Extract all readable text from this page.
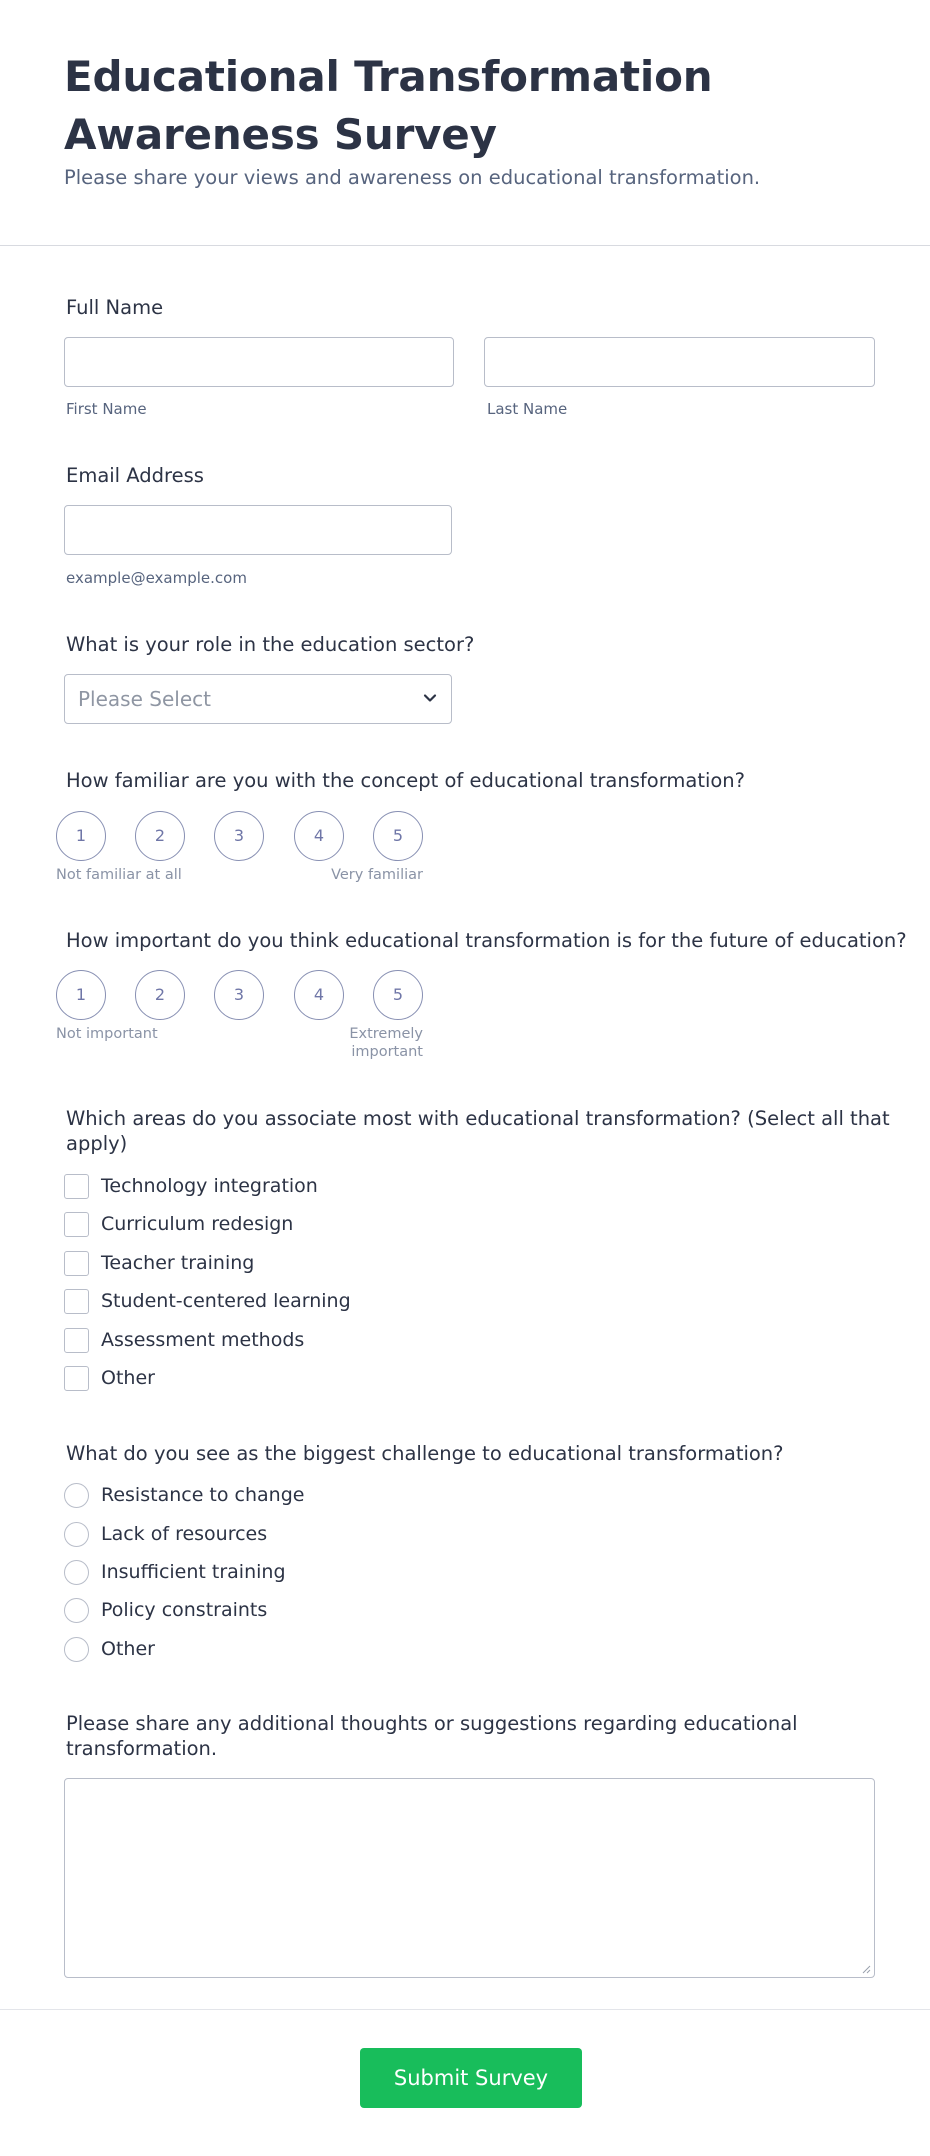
Educational Transformation Awareness Survey
Please share your views and awareness on educational transformation.
Full Name
First Name	Last Name
Email Address
example@example.com
What is your role in the education sector?
Please Select
How familiar are you with the concept of educational transformation?
1	2	3	4	5
Not familiar at all	Very familiar
How important do you think educational transformation is for the future of education?
1	2	3	4	5
Not important	Extremely
important
Which areas do you associate most with educational transformation? (Select all that
apply)
Technology integration
Curriculum redesign
Teacher training
Student-centered learning
Assessment methods
Other
What do you see as the biggest challenge to educational transformation?
Resistance to change
Lack of resources
Insufficient training
Policy constraints
Other
Please share any additional thoughts or suggestions regarding educational
transformation.
Submit Survey
